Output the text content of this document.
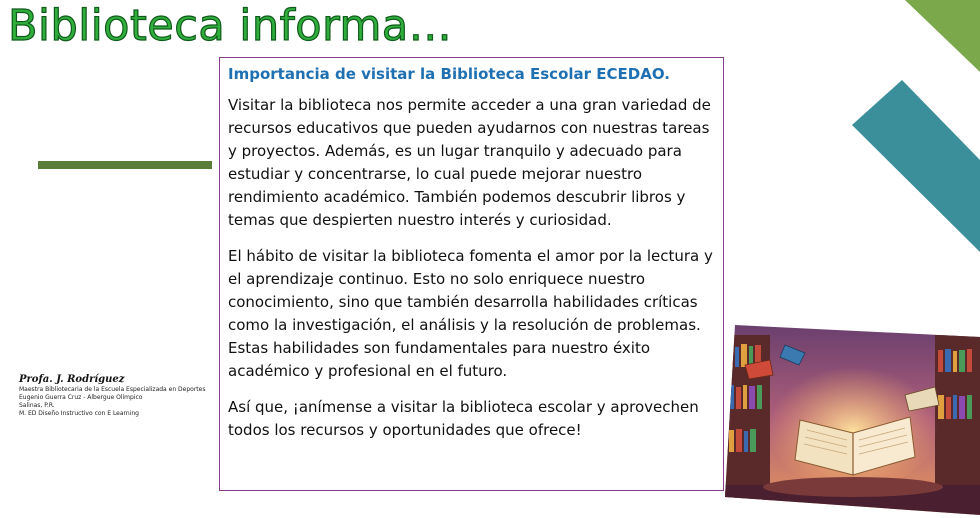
Biblioteca informa…
Importancia de visitar la Biblioteca Escolar ECEDAO.

Visitar la biblioteca nos permite acceder a una gran variedad de recursos educativos que pueden ayudarnos con nuestras tareas y proyectos. Además, es un lugar tranquilo y adecuado para estudiar y concentrarse, lo cual puede mejorar nuestro rendimiento académico. También podemos descubrir libros y temas que despierten nuestro interés y curiosidad.

El hábito de visitar la biblioteca fomenta el amor por la lectura y el aprendizaje continuo. Esto no solo enriquece nuestro conocimiento, sino que también desarrolla habilidades críticas como la investigación, el análisis y la resolución de problemas. Estas habilidades son fundamentales para nuestro éxito académico y profesional en el futuro.

Así que, ¡anímense a visitar la biblioteca escolar y aprovechen todos los recursos y oportunidades que ofrece!

Profa. J. Rodríguez
Maestra Bibliotecaria de la Escuela Especializada en Deportes
Eugenio Guerra Cruz - Albergue Olímpico
Salinas, P.R.
M. ED Diseño Instructivo con E Learning
